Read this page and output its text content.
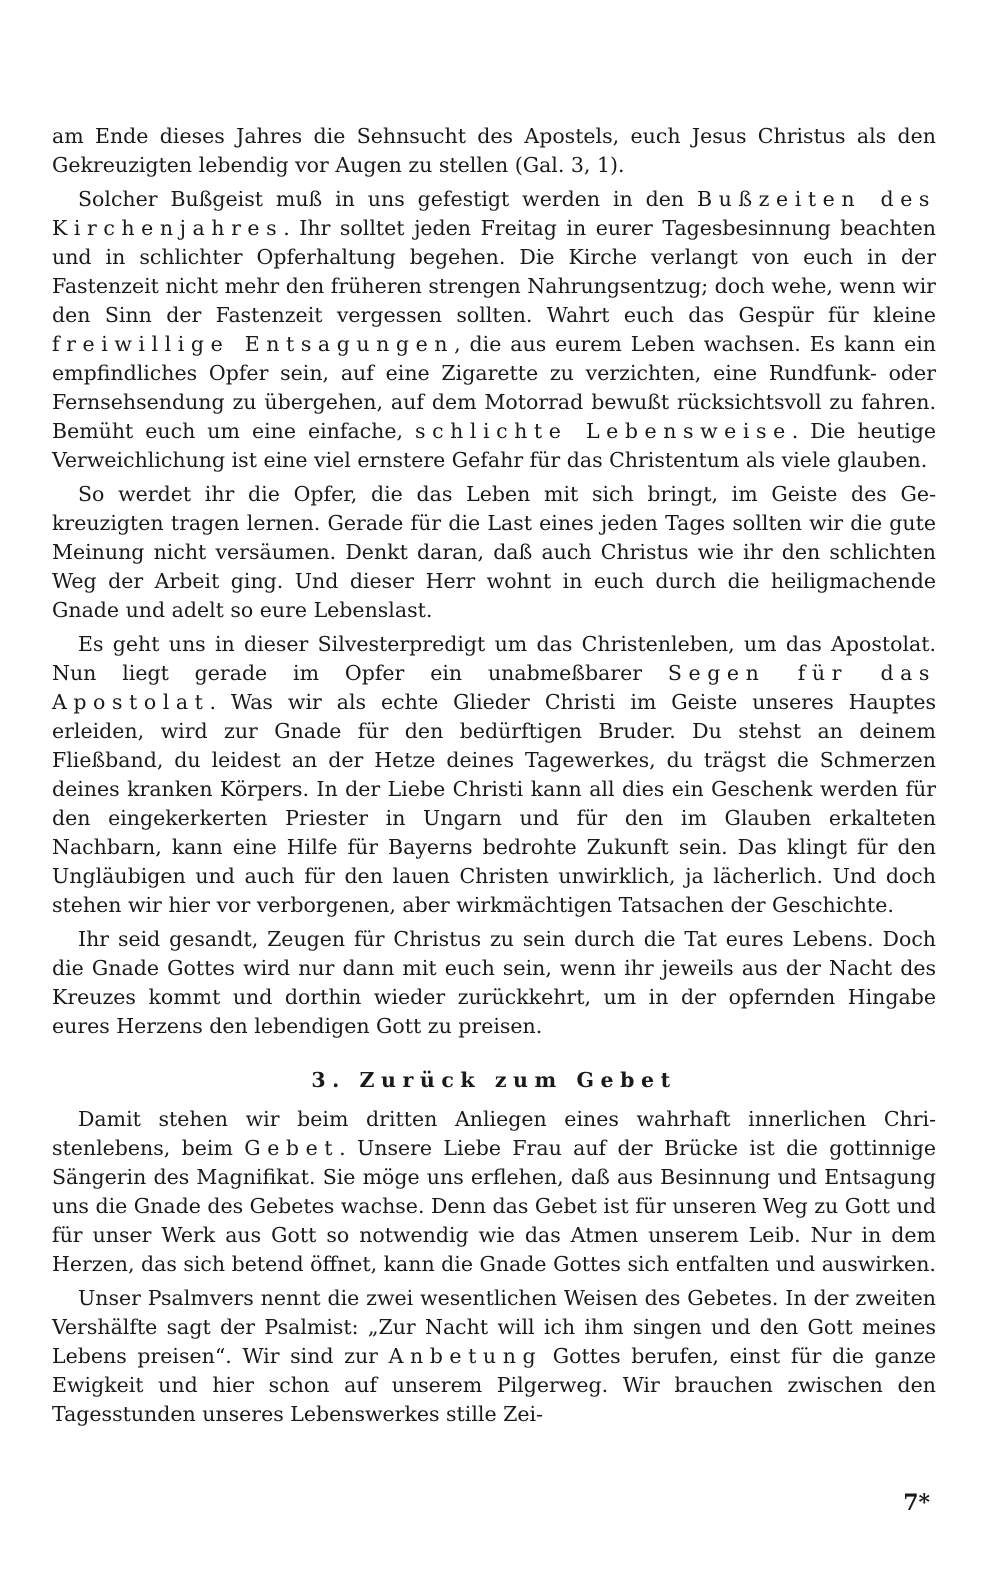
am Ende dieses Jahres die Sehnsucht des Apostels, euch Jesus Christus als den Gekreuzigten lebendig vor Augen zu stellen (Gal. 3, 1).

Solcher Bußgeist muß in uns gefestigt werden in den Bußzeiten des Kirchenjahres. Ihr solltet jeden Freitag in eurer Tagesbesinnung beachten und in schlichter Opferhaltung begehen. Die Kirche verlangt von euch in der Fastenzeit nicht mehr den früheren strengen Nahrungsentzug; doch wehe, wenn wir den Sinn der Fastenzeit vergessen sollten. Wahrt euch das Gespür für kleine freiwillige Entsagungen, die aus eurem Leben wachsen. Es kann ein empfindliches Opfer sein, auf eine Zigarette zu verzichten, eine Rundfunk- oder Fernsehsendung zu übergehen, auf dem Motorrad bewußt rücksichtsvoll zu fahren. Bemüht euch um eine einfache, schlichte Lebensweise. Die heutige Verweichlichung ist eine viel ernstere Gefahr für das Christentum als viele glauben.

So werdet ihr die Opfer, die das Leben mit sich bringt, im Geiste des Gekreuzigten tragen lernen. Gerade für die Last eines jeden Tages sollten wir die gute Meinung nicht versäumen. Denkt daran, daß auch Christus wie ihr den schlichten Weg der Arbeit ging. Und dieser Herr wohnt in euch durch die heiligmachende Gnade und adelt so eure Lebenslast.

Es geht uns in dieser Silvesterpredigt um das Christenleben, um das Apostolat. Nun liegt gerade im Opfer ein unabmeßbarer Segen für das Apostolat. Was wir als echte Glieder Christi im Geiste unseres Hauptes erleiden, wird zur Gnade für den bedürftigen Bruder. Du stehst an deinem Fließband, du leidest an der Hetze deines Tagewerkes, du trägst die Schmerzen deines kranken Körpers. In der Liebe Christi kann all dies ein Geschenk werden für den eingekerkerten Priester in Ungarn und für den im Glauben erkalteten Nachbarn, kann eine Hilfe für Bayerns bedrohte Zukunft sein. Das klingt für den Ungläubigen und auch für den lauen Christen unwirklich, ja lächerlich. Und doch stehen wir hier vor verborgenen, aber wirkmächtigen Tatsachen der Geschichte.

Ihr seid gesandt, Zeugen für Christus zu sein durch die Tat eures Lebens. Doch die Gnade Gottes wird nur dann mit euch sein, wenn ihr jeweils aus der Nacht des Kreuzes kommt und dorthin wieder zurückkehrt, um in der opfernden Hingabe eures Herzens den lebendigen Gott zu preisen.

3. Zurück zum Gebet

Damit stehen wir beim dritten Anliegen eines wahrhaft innerlichen Christenlebens, beim Gebet. Unsere Liebe Frau auf der Brücke ist die gottinnige Sängerin des Magnifikat. Sie möge uns erflehen, daß aus Besinnung und Entsagung uns die Gnade des Gebetes wachse. Denn das Gebet ist für unseren Weg zu Gott und für unser Werk aus Gott so notwendig wie das Atmen unserem Leib. Nur in dem Herzen, das sich betend öffnet, kann die Gnade Gottes sich entfalten und auswirken.

Unser Psalmvers nennt die zwei wesentlichen Weisen des Gebetes. In der zweiten Vershälfte sagt der Psalmist: „Zur Nacht will ich ihm singen und den Gott meines Lebens preisen“. Wir sind zur Anbetung Gottes berufen, einst für die ganze Ewigkeit und hier schon auf unserem Pilgerweg. Wir brauchen zwischen den Tagesstunden unseres Lebenswerkes stille Zei-

7*
